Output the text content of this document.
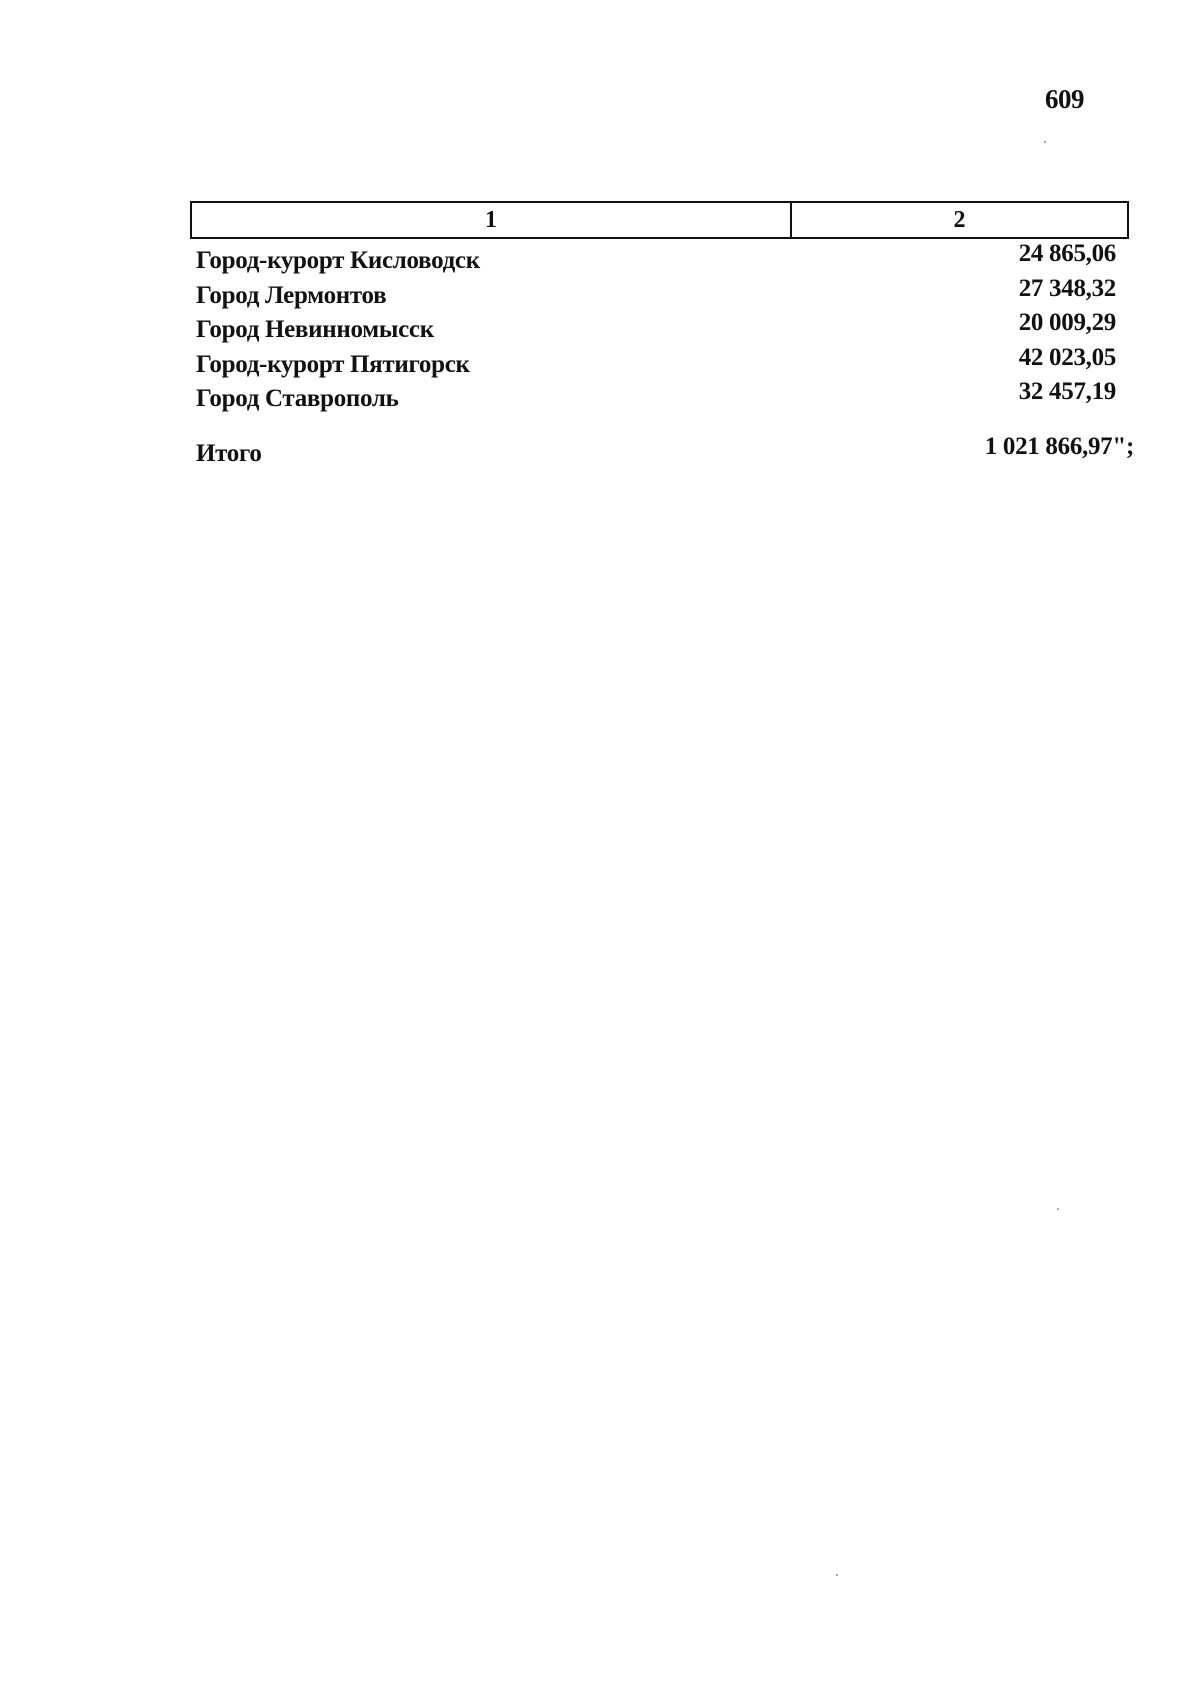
609
1	2
Город-курорт Кисловодск	24 865,06
Город Лермонтов	27 348,32
Город Невинномысск	20 009,29
Город-курорт Пятигорск	42 023,05
Город Ставрополь	32 457,19
Итого	1 021 866,97";
